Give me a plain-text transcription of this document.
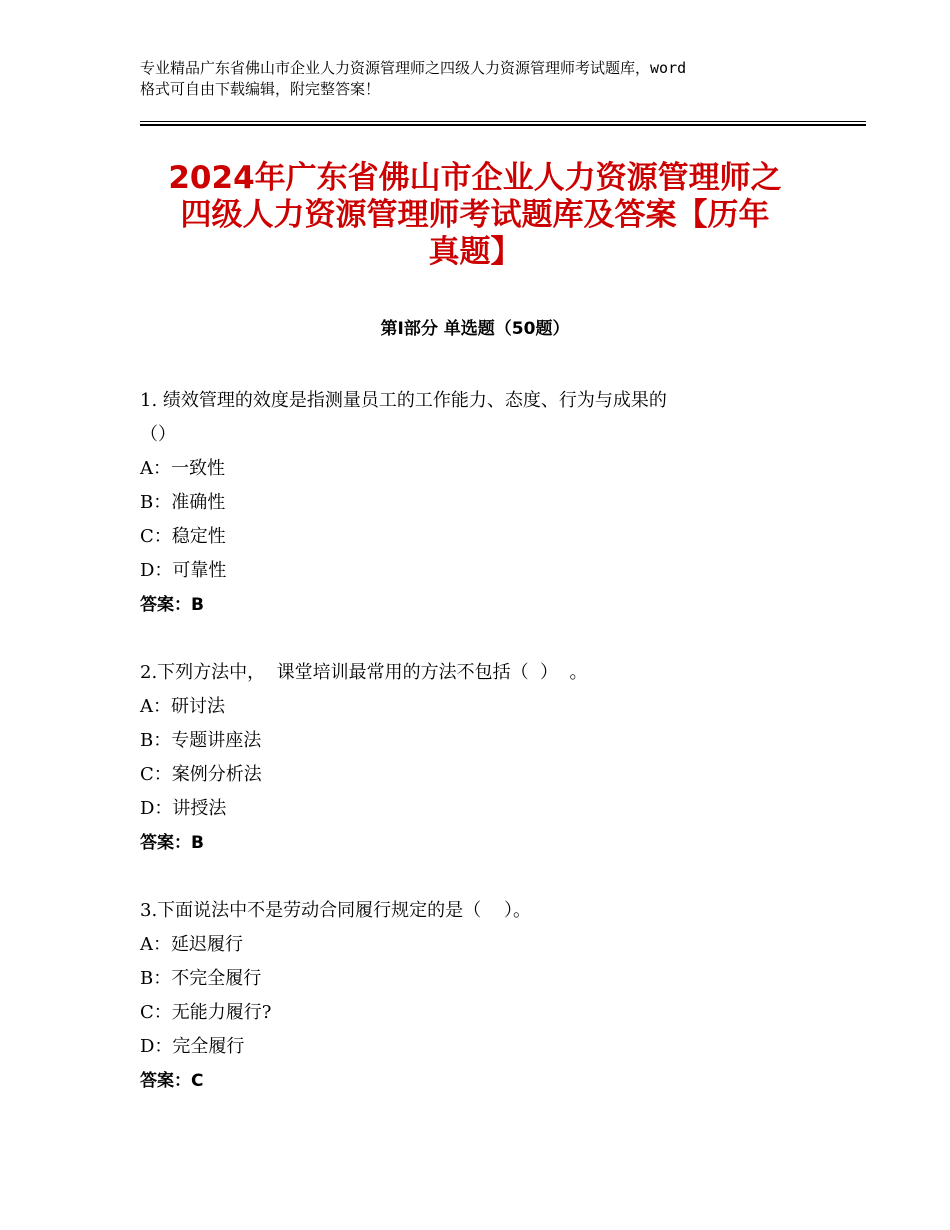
专业精品广东省佛山市企业人力资源管理师之四级人力资源管理师考试题库，word
格式可自由下载编辑，附完整答案！
2024年广东省佛山市企业人力资源管理师之
四级人力资源管理师考试题库及答案【历年
真题】
第Ⅰ部分 单选题（50题）
1. 绩效管理的效度是指测量员工的工作能力、态度、行为与成果的
（）
A：一致性
B：准确性
C：稳定性
D：可靠性
答案：B
2.下列方法中，  课堂培训最常用的方法不包括（  ）  。
A：研讨法
B：专题讲座法
C：案例分析法
D：讲授法
答案：B
3.下面说法中不是劳动合同履行规定的是（    ）。
A：延迟履行
B：不完全履行
C：无能力履行?
D：完全履行
答案：C
